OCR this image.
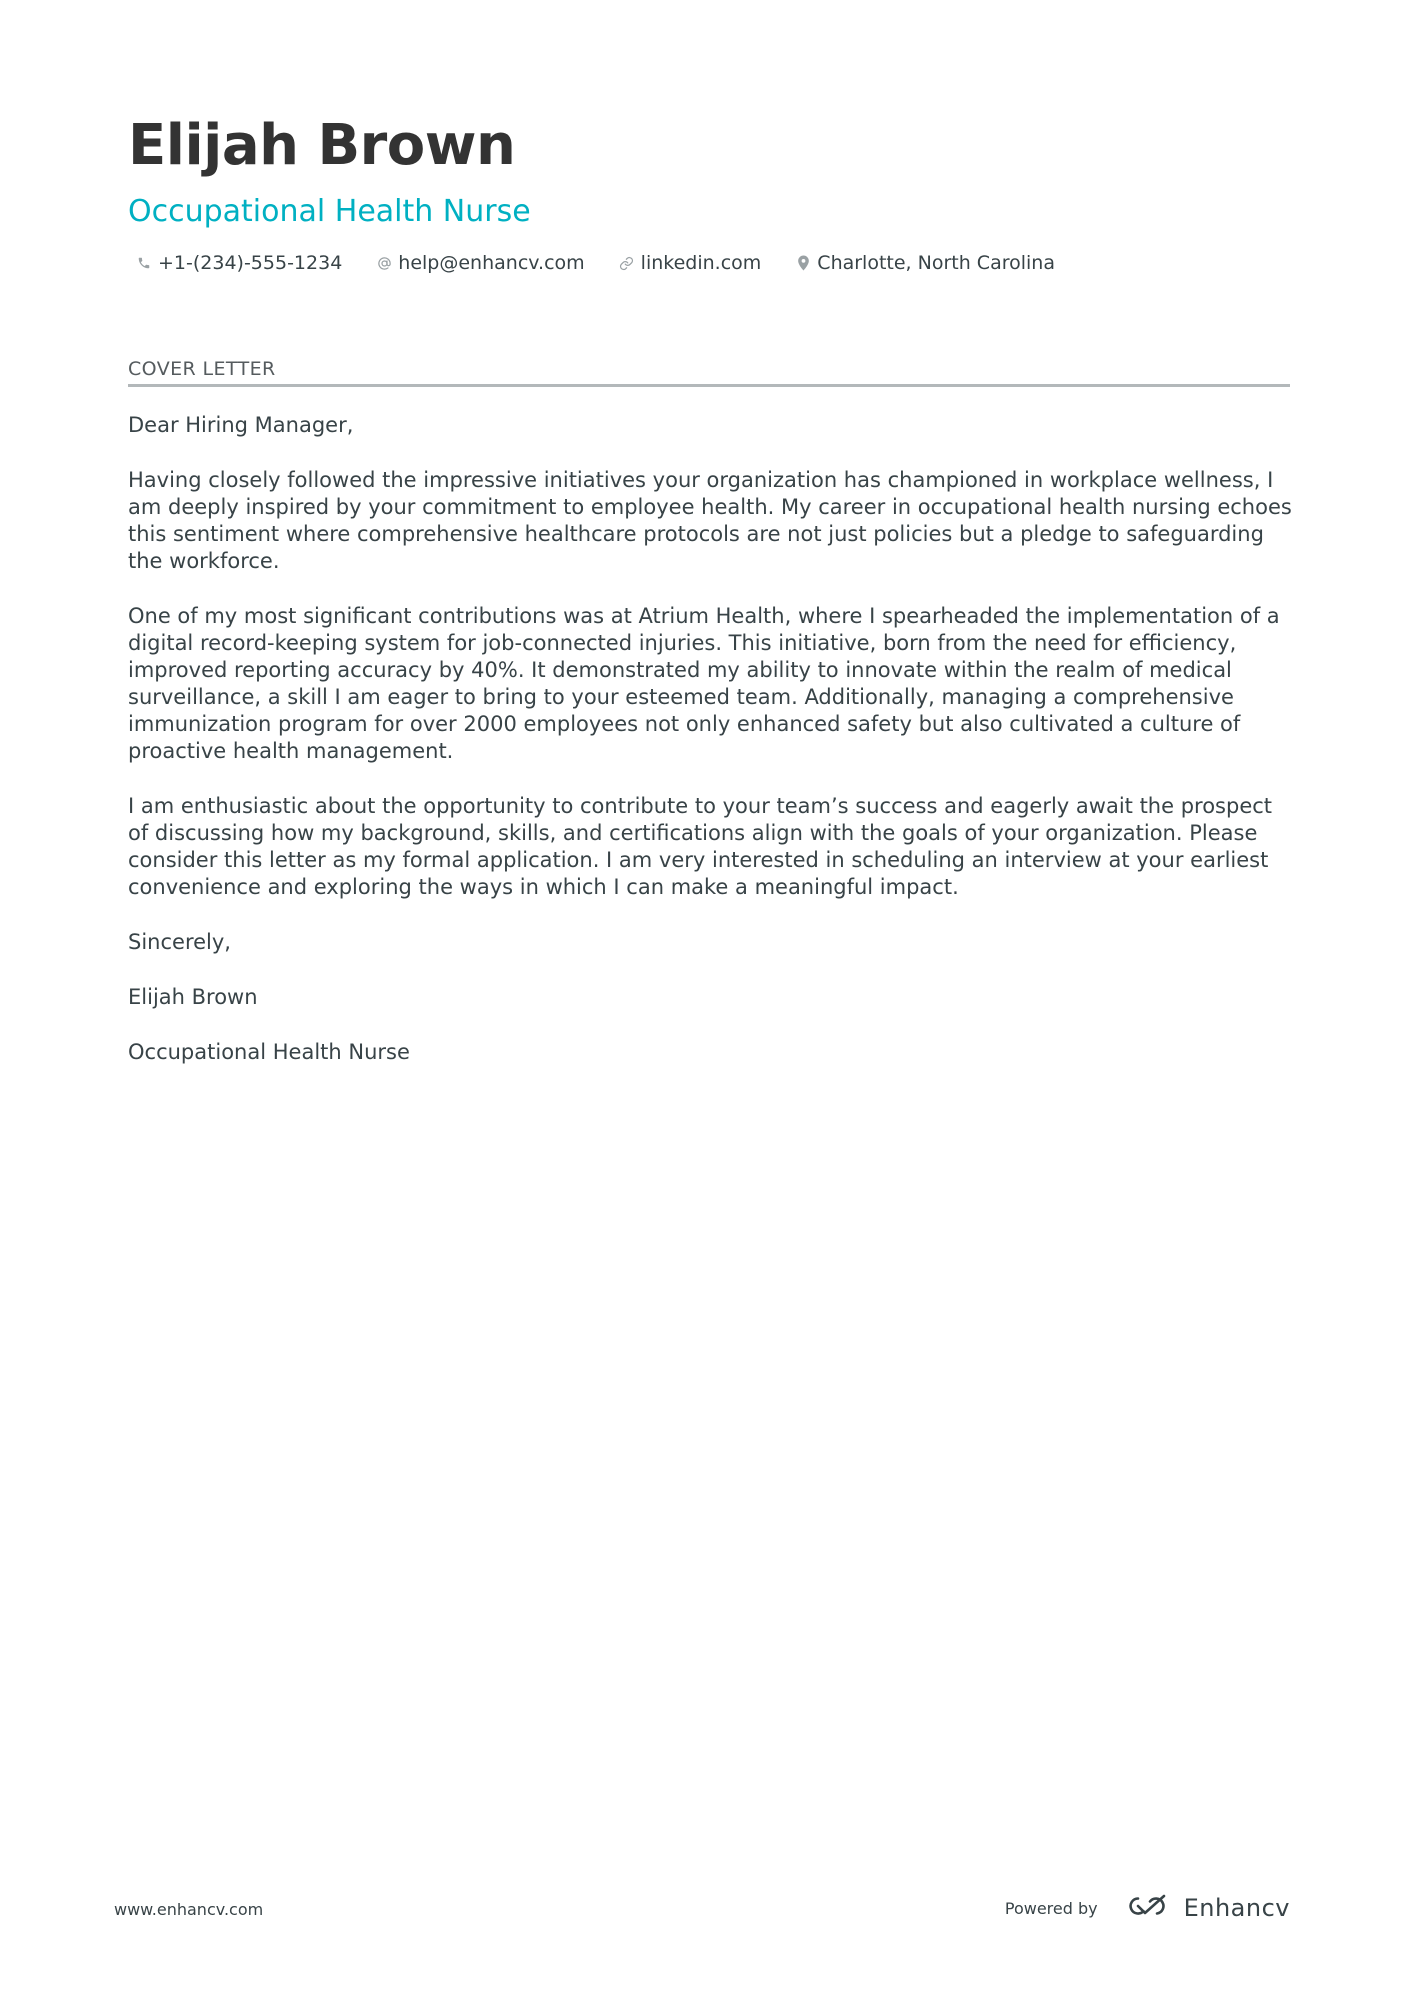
Elijah Brown
Occupational Health Nurse
+1-(234)-555-1234	help@enhancv.com	linkedin.com	Charlotte, North Carolina
COVER LETTER

Dear Hiring Manager,

Having closely followed the impressive initiatives your organization has championed in workplace wellness, I am deeply inspired by your commitment to employee health. My career in occupational health nursing echoes this sentiment where comprehensive healthcare protocols are not just policies but a pledge to safeguarding the workforce.

One of my most significant contributions was at Atrium Health, where I spearheaded the implementation of a digital record-keeping system for job-connected injuries. This initiative, born from the need for efficiency, improved reporting accuracy by 40%. It demonstrated my ability to innovate within the realm of medical surveillance, a skill I am eager to bring to your esteemed team. Additionally, managing a comprehensive immunization program for over 2000 employees not only enhanced safety but also cultivated a culture of proactive health management.

I am enthusiastic about the opportunity to contribute to your team’s success and eagerly await the prospect of discussing how my background, skills, and certifications align with the goals of your organization. Please consider this letter as my formal application. I am very interested in scheduling an interview at your earliest convenience and exploring the ways in which I can make a meaningful impact.

Sincerely,

Elijah Brown

Occupational Health Nurse

www.enhancv.com	Powered by	Enhancv
